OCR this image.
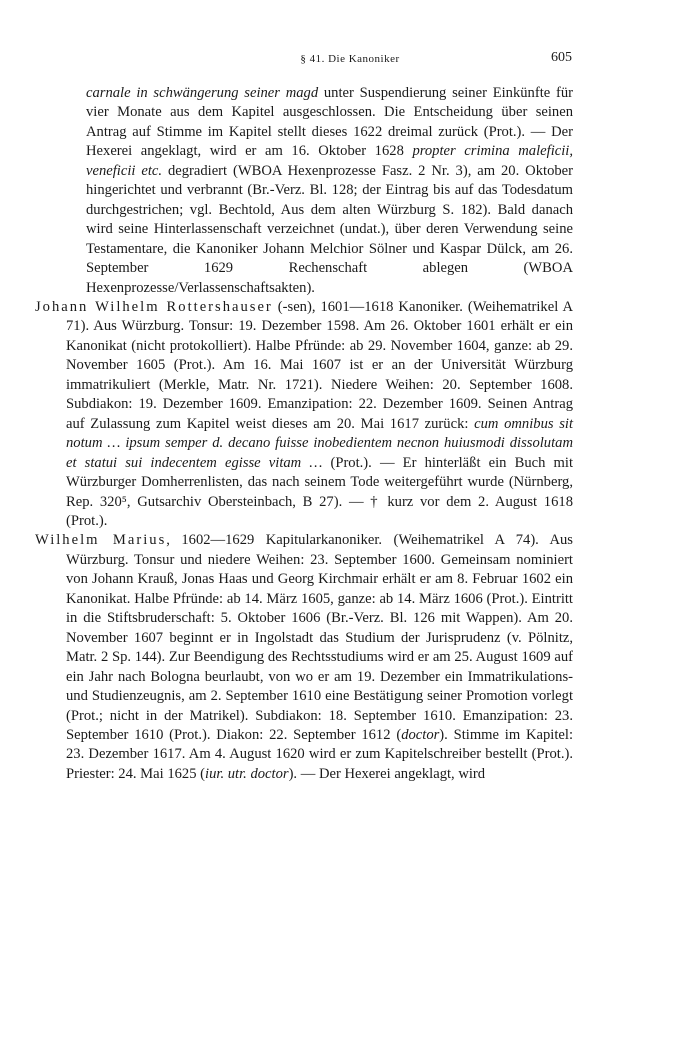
§ 41. Die Kanoniker	605

carnale in schwängerung seiner magd unter Suspendierung seiner Einkünfte für vier Monate aus dem Kapitel ausgeschlossen. Die Entscheidung über seinen Antrag auf Stimme im Kapitel stellt dieses 1622 dreimal zurück (Prot.). — Der Hexerei angeklagt, wird er am 16. Oktober 1628 propter crimina maleficii, veneficii etc. degradiert (WBOA Hexenprozesse Fasz. 2 Nr. 3), am 20. Oktober hingerichtet und verbrannt (Br.-Verz. Bl. 128; der Eintrag bis auf das Todesdatum durchgestrichen; vgl. Bechtold, Aus dem alten Würzburg S. 182). Bald danach wird seine Hinterlassenschaft verzeichnet (undat.), über deren Verwendung seine Testamentare, die Kanoniker Johann Melchior Sölner und Kaspar Dülck, am 26. September 1629 Rechenschaft ablegen (WBOA Hexenprozesse/Verlassenschaftsakten).

Johann Wilhelm Rottershauser (-sen), 1601—1618 Kanoniker. (Weihematrikel A 71). Aus Würzburg. Tonsur: 19. Dezember 1598. Am 26. Oktober 1601 erhält er ein Kanonikat (nicht protokolliert). Halbe Pfründe: ab 29. November 1604, ganze: ab 29. November 1605 (Prot.). Am 16. Mai 1607 ist er an der Universität Würzburg immatrikuliert (Merkle, Matr. Nr. 1721). Niedere Weihen: 20. September 1608. Subdiakon: 19. Dezember 1609. Emanzipation: 22. Dezember 1609. Seinen Antrag auf Zulassung zum Kapitel weist dieses am 20. Mai 1617 zurück: cum omnibus sit notum … ipsum semper d. decano fuisse inobedientem necnon huiusmodi dissolutam et statui sui indecentem egisse vitam … (Prot.). — Er hinterläßt ein Buch mit Würzburger Domherrenlisten, das nach seinem Tode weitergeführt wurde (Nürnberg, Rep. 320⁵, Gutsarchiv Obersteinbach, B 27). — † kurz vor dem 2. August 1618 (Prot.).

Wilhelm Marius, 1602—1629 Kapitularkanoniker. (Weihematrikel A 74). Aus Würzburg. Tonsur und niedere Weihen: 23. September 1600. Gemeinsam nominiert von Johann Krauß, Jonas Haas und Georg Kirchmair erhält er am 8. Februar 1602 ein Kanonikat. Halbe Pfründe: ab 14. März 1605, ganze: ab 14. März 1606 (Prot.). Eintritt in die Stiftsbruderschaft: 5. Oktober 1606 (Br.-Verz. Bl. 126 mit Wappen). Am 20. November 1607 beginnt er in Ingolstadt das Studium der Jurisprudenz (v. Pölnitz, Matr. 2 Sp. 144). Zur Beendigung des Rechtsstudiums wird er am 25. August 1609 auf ein Jahr nach Bologna beurlaubt, von wo er am 19. Dezember ein Immatrikulations- und Studienzeugnis, am 2. September 1610 eine Bestätigung seiner Promotion vorlegt (Prot.; nicht in der Matrikel). Subdiakon: 18. September 1610. Emanzipation: 23. September 1610 (Prot.). Diakon: 22. September 1612 (doctor). Stimme im Kapitel: 23. Dezember 1617. Am 4. August 1620 wird er zum Kapitelschreiber bestellt (Prot.). Priester: 24. Mai 1625 (iur. utr. doctor). — Der Hexerei angeklagt, wird
